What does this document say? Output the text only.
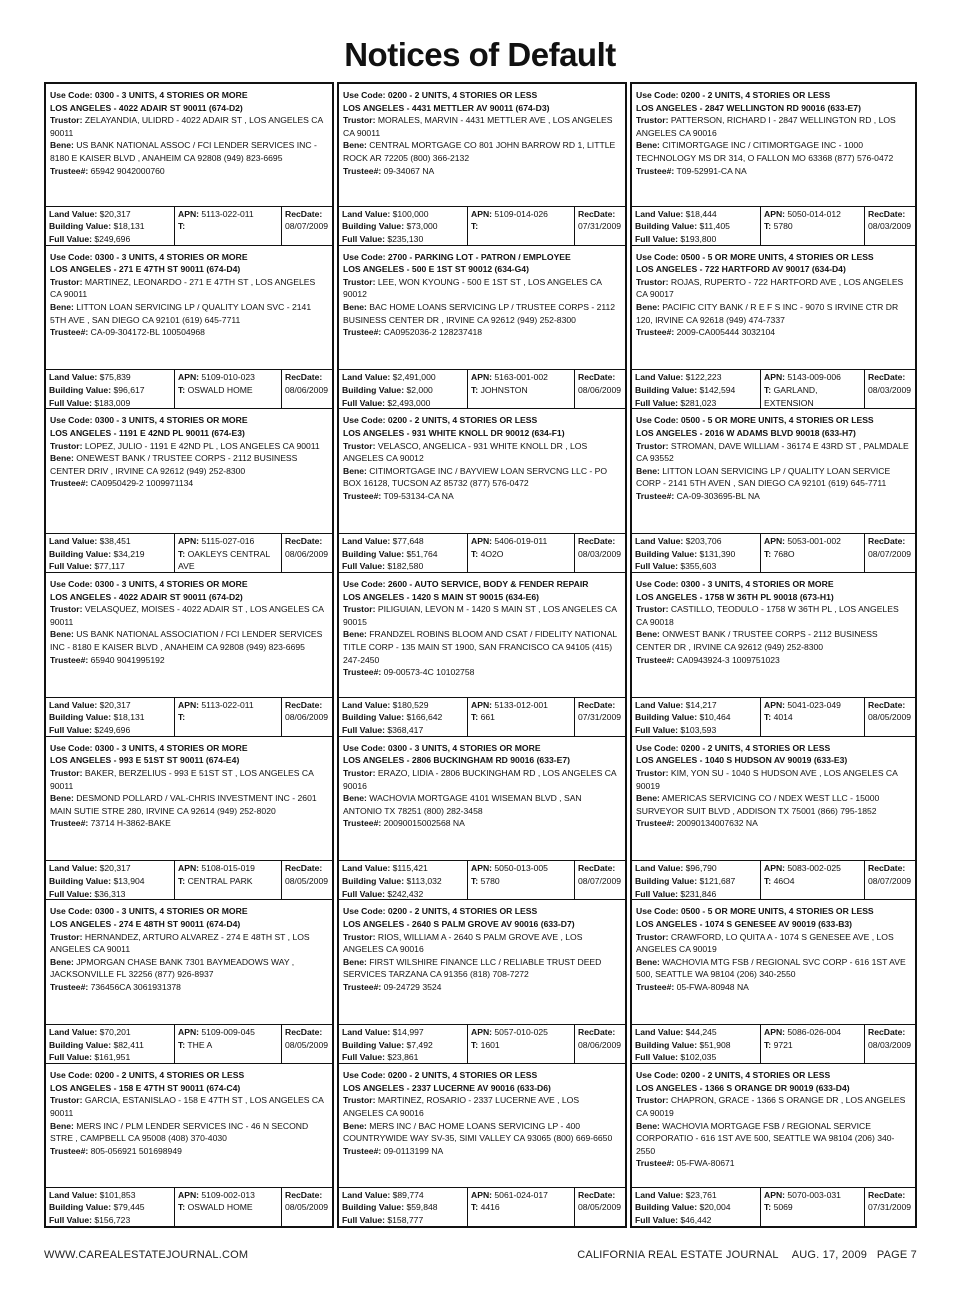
Notices of Default
Use Code: 0300 - 3 UNITS, 4 STORIES OR MORE
LOS ANGELES - 4022 ADAIR ST 90011 (674-D2)
Trustor: ZELAYANDIA, ULIDRD - 4022 ADAIR ST , LOS ANGELES CA 90011
Bene: US BANK NATIONAL ASSOC / FCI LENDER SERVICES INC - 8180 E KAISER BLVD , ANAHEIM CA 92808 (949) 823-6695
Trustee#: 65942 9042000760
Land Value: $20,317
Building Value: $18,131
Full Value: $249,696
APN: 5113-022-011
T:
RecDate:
08/07/2009
Use Code: 0300 - 3 UNITS, 4 STORIES OR MORE
LOS ANGELES - 271 E 47TH ST 90011 (674-D4)
Trustor: MARTINEZ, LEONARDO - 271 E 47TH ST , LOS ANGELES CA 90011
Bene: LITTON LOAN SERVICING LP / QUALITY LOAN SVC - 2141 5TH AVE , SAN DIEGO CA 92101 (619) 645-7711
Trustee#: CA-09-304172-BL 100504968
Land Value: $75,839
Building Value: $96,617
Full Value: $183,009
APN: 5109-010-023
T: OSWALD HOME
RecDate:
08/06/2009
Use Code: 0300 - 3 UNITS, 4 STORIES OR MORE
LOS ANGELES - 1191 E 42ND PL 90011 (674-E3)
Trustor: LOPEZ, JULIO - 1191 E 42ND PL , LOS ANGELES CA 90011
Bene: ONEWEST BANK / TRUSTEE CORPS - 2112 BUSINESS CENTER DRIV , IRVINE CA 92612 (949) 252-8300
Trustee#: CA0950429-2 1009971134
Land Value: $38,451
Building Value: $34,219
Full Value: $77,117
APN: 5115-027-016
T: OAKLEYS CENTRAL AVE
RecDate:
08/06/2009
Use Code: 0300 - 3 UNITS, 4 STORIES OR MORE
LOS ANGELES - 4022 ADAIR ST 90011 (674-D2)
Trustor: VELASQUEZ, MOISES - 4022 ADAIR ST , LOS ANGELES CA 90011
Bene: US BANK NATIONAL ASSOCIATION / FCI LENDER SERVICES INC - 8180 E KAISER BLVD , ANAHEIM CA 92808 (949) 823-6695
Trustee#: 65940 9041995192
Land Value: $20,317
Building Value: $18,131
Full Value: $249,696
APN: 5113-022-011
T:
RecDate:
08/06/2009
Use Code: 0300 - 3 UNITS, 4 STORIES OR MORE
LOS ANGELES - 993 E 51ST ST 90011 (674-E4)
Trustor: BAKER, BERZELIUS - 993 E 51ST ST , LOS ANGELES CA 90011
Bene: DESMOND POLLARD / VAL-CHRIS INVESTMENT INC - 2601 MAIN SUTIE STRE 280, IRVINE CA 92614 (949) 252-8020
Trustee#: 73714 H-3862-BAKE
Land Value: $20,317
Building Value: $13,904
Full Value: $36,313
APN: 5108-015-019
T: CENTRAL PARK
RecDate:
08/05/2009
Use Code: 0300 - 3 UNITS, 4 STORIES OR MORE
LOS ANGELES - 274 E 48TH ST 90011 (674-D4)
Trustor: HERNANDEZ, ARTURO ALVAREZ - 274 E 48TH ST , LOS ANGELES CA 90011
Bene: JPMORGAN CHASE BANK 7301 BAYMEADOWS WAY , JACKSONVILLE FL 32256 (877) 926-8937
Trustee#: 736456CA 3061931378
Land Value: $70,201
Building Value: $82,411
Full Value: $161,951
APN: 5109-009-045
T: THE A
RecDate:
08/05/2009
Use Code: 0200 - 2 UNITS, 4 STORIES OR LESS
LOS ANGELES - 158 E 47TH ST 90011 (674-C4)
Trustor: GARCIA, ESTANISLAO - 158 E 47TH ST , LOS ANGELES CA 90011
Bene: MERS INC / PLM LENDER SERVICES INC - 46 N SECOND STRE , CAMPBELL CA 95008 (408) 370-4030
Trustee#: 805-056921 501698949
Land Value: $101,853
Building Value: $79,445
Full Value: $156,723
APN: 5109-002-013
T: OSWALD HOME
RecDate:
08/05/2009
Use Code: 0200 - 2 UNITS, 4 STORIES OR LESS
LOS ANGELES - 4431 METTLER AV 90011 (674-D3)
Trustor: MORALES, MARVIN - 4431 METTLER AVE , LOS ANGELES CA 90011
Bene: CENTRAL MORTGAGE CO 801 JOHN BARROW RD 1, LITTLE ROCK AR 72205 (800) 366-2132
Trustee#: 09-34067 NA
Land Value: $100,000
Building Value: $73,000
Full Value: $235,130
APN: 5109-014-026
T:
RecDate:
07/31/2009
Use Code: 2700 - PARKING LOT - PATRON / EMPLOYEE
LOS ANGELES - 500 E 1ST ST 90012 (634-G4)
Trustor: LEE, WON KYOUNG - 500 E 1ST ST , LOS ANGELES CA 90012
Bene: BAC HOME LOANS SERVICING LP / TRUSTEE CORPS - 2112 BUSINESS CENTER DR , IRVINE CA 92612 (949) 252-8300
Trustee#: CA0952036-2 128237418
Land Value: $2,491,000
Building Value: $2,000
Full Value: $2,493,000
APN: 5163-001-002
T: JOHNSTON
RecDate:
08/06/2009
Use Code: 0200 - 2 UNITS, 4 STORIES OR LESS
LOS ANGELES - 931 WHITE KNOLL DR 90012 (634-F1)
Trustor: VELASCO, ANGELICA - 931 WHITE KNOLL DR , LOS ANGELES CA 90012
Bene: CITIMORTGAGE INC / BAYVIEW LOAN SERVCNG LLC - PO BOX 16128, TUCSON AZ 85732 (877) 576-0472
Trustee#: T09-53134-CA NA
Land Value: $77,648
Building Value: $51,764
Full Value: $182,580
APN: 5406-019-011
T: 4O2O
RecDate:
08/03/2009
Use Code: 2600 - AUTO SERVICE, BODY & FENDER REPAIR
LOS ANGELES - 1420 S MAIN ST 90015 (634-E6)
Trustor: PILIGUIAN, LEVON M - 1420 S MAIN ST , LOS ANGELES CA 90015
Bene: FRANDZEL ROBINS BLOOM AND CSAT / FIDELITY NATIONAL TITLE CORP - 135 MAIN ST 1900, SAN FRANCISCO CA 94105 (415) 247-2450
Trustee#: 09-00573-4C 10102758
Land Value: $180,529
Building Value: $166,642
Full Value: $368,417
APN: 5133-012-001
T: 661
RecDate:
07/31/2009
Use Code: 0300 - 3 UNITS, 4 STORIES OR MORE
LOS ANGELES - 2806 BUCKINGHAM RD 90016 (633-E7)
Trustor: ERAZO, LIDIA - 2806 BUCKINGHAM RD , LOS ANGELES CA 90016
Bene: WACHOVIA MORTGAGE 4101 WISEMAN BLVD , SAN ANTONIO TX 78251 (800) 282-3458
Trustee#: 20090015002568 NA
Land Value: $115,421
Building Value: $113,032
Full Value: $242,432
APN: 5050-013-005
T: 5780
RecDate:
08/07/2009
Use Code: 0200 - 2 UNITS, 4 STORIES OR LESS
LOS ANGELES - 2640 S PALM GROVE AV 90016 (633-D7)
Trustor: RIOS, WILLIAM A - 2640 S PALM GROVE AVE , LOS ANGELES CA 90016
Bene: FIRST WILSHIRE FINANCE LLC / RELIABLE TRUST DEED SERVICES TARZANA CA 91356 (818) 708-7272
Trustee#: 09-24729 3524
Land Value: $14,997
Building Value: $7,492
Full Value: $23,861
APN: 5057-010-025
T: 1601
RecDate:
08/06/2009
Use Code: 0200 - 2 UNITS, 4 STORIES OR LESS
LOS ANGELES - 2337 LUCERNE AV 90016 (633-D6)
Trustor: MARTINEZ, ROSARIO - 2337 LUCERNE AVE , LOS ANGELES CA 90016
Bene: MERS INC / BAC HOME LOANS SERVICING LP - 400 COUNTRYWIDE WAY SV-35, SIMI VALLEY CA 93065 (800) 669-6650
Trustee#: 09-0113199 NA
Land Value: $89,774
Building Value: $59,848
Full Value: $158,777
APN: 5061-024-017
T: 4416
RecDate:
08/05/2009
Use Code: 0200 - 2 UNITS, 4 STORIES OR LESS
LOS ANGELES - 2847 WELLINGTON RD 90016 (633-E7)
Trustor: PATTERSON, RICHARD I - 2847 WELLINGTON RD , LOS ANGELES CA 90016
Bene: CITIMORTGAGE INC / CITIMORTGAGE INC - 1000 TECHNOLOGY MS DR 314, O FALLON MO 63368 (877) 576-0472
Trustee#: T09-52991-CA NA
Land Value: $18,444
Building Value: $11,405
Full Value: $193,800
APN: 5050-014-012
T: 5780
RecDate:
08/03/2009
Use Code: 0500 - 5 OR MORE UNITS, 4 STORIES OR LESS
LOS ANGELES - 722 HARTFORD AV 90017 (634-D4)
Trustor: ROJAS, RUPERTO - 722 HARTFORD AVE , LOS ANGELES CA 90017
Bene: PACIFIC CITY BANK / R E F S INC - 9070 S IRVINE CTR DR 120, IRVINE CA 92618 (949) 474-7337
Trustee#: 2009-CA005444 3032104
Land Value: $122,223
Building Value: $142,594
Full Value: $281,023
APN: 5143-009-006
T: GARLAND, EXTENSION
RecDate:
08/03/2009
Use Code: 0500 - 5 OR MORE UNITS, 4 STORIES OR LESS
LOS ANGELES - 2016 W ADAMS BLVD 90018 (633-H7)
Trustor: STROMAN, DAVE WILLIAM - 36174 E 43RD ST , PALMDALE CA 93552
Bene: LITTON LOAN SERVICING LP / QUALITY LOAN SERVICE CORP - 2141 5TH AVEN , SAN DIEGO CA 92101 (619) 645-7711
Trustee#: CA-09-303695-BL NA
Land Value: $203,706
Building Value: $131,390
Full Value: $355,603
APN: 5053-001-002
T: 768O
RecDate:
08/07/2009
Use Code: 0300 - 3 UNITS, 4 STORIES OR MORE
LOS ANGELES - 1758 W 36TH PL 90018 (673-H1)
Trustor: CASTILLO, TEODULO - 1758 W 36TH PL , LOS ANGELES CA 90018
Bene: ONWEST BANK / TRUSTEE CORPS - 2112 BUSINESS CENTER DR , IRVINE CA 92612 (949) 252-8300
Trustee#: CA0943924-3 1009751023
Land Value: $14,217
Building Value: $10,464
Full Value: $103,593
APN: 5041-023-049
T: 4014
RecDate:
08/05/2009
Use Code: 0200 - 2 UNITS, 4 STORIES OR LESS
LOS ANGELES - 1040 S HUDSON AV 90019 (633-E3)
Trustor: KIM, YON SU - 1040 S HUDSON AVE , LOS ANGELES CA 90019
Bene: AMERICAS SERVICING CO / NDEX WEST LLC - 15000 SURVEYOR SUIT BLVD , ADDISON TX 75001 (866) 795-1852
Trustee#: 20090134007632 NA
Land Value: $96,790
Building Value: $121,687
Full Value: $231,846
APN: 5083-002-025
T: 46O4
RecDate:
08/07/2009
Use Code: 0500 - 5 OR MORE UNITS, 4 STORIES OR LESS
LOS ANGELES - 1074 S GENESEE AV 90019 (633-B3)
Trustor: CRAWFORD, LO QUITA A - 1074 S GENESEE AVE , LOS ANGELES CA 90019
Bene: WACHOVIA MTG FSB / REGIONAL SVC CORP - 616 1ST AVE 500, SEATTLE WA 98104 (206) 340-2550
Trustee#: 05-FWA-80948 NA
Land Value: $44,245
Building Value: $51,908
Full Value: $102,035
APN: 5086-026-004
T: 9721
RecDate:
08/03/2009
Use Code: 0200 - 2 UNITS, 4 STORIES OR LESS
LOS ANGELES - 1366 S ORANGE DR 90019 (633-D4)
Trustor: CHAPRON, GRACE - 1366 S ORANGE DR , LOS ANGELES CA 90019
Bene: WACHOVIA MORTGAGE FSB / REGIONAL SERVICE CORPORATIO - 616 1ST AVE 500, SEATTLE WA 98104 (206) 340-2550
Trustee#: 05-FWA-80671
Land Value: $23,761
Building Value: $20,004
Full Value: $46,442
APN: 5070-003-031
T: 5069
RecDate:
07/31/2009
WWW.CAREALESTATEJOURNAL.COM	CALIFORNIA REAL ESTATE JOURNAL AUG. 17, 2009 PAGE 7
